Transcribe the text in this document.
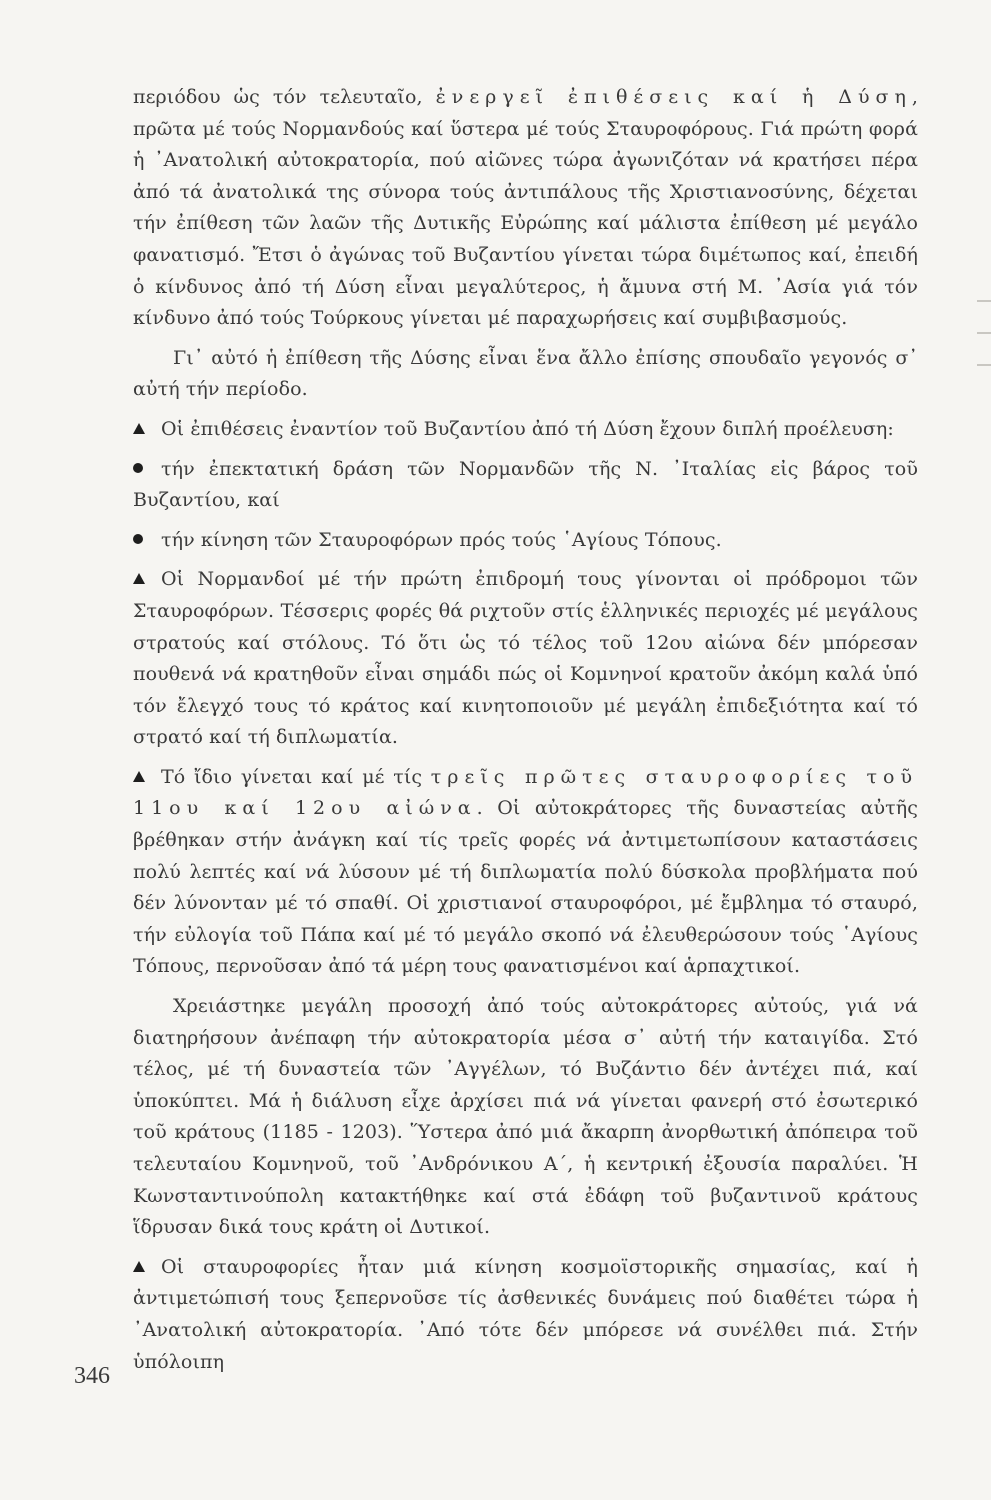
περιόδου ὡς τόν τελευταῖο, ἐνεργεῖ ἐπιθέσεις καί ἡ Δύση, πρῶτα μέ τούς Νορμανδούς καί ὕστερα μέ τούς Σταυροφόρους. Γιά πρώτη φορά ἡ ᾿Ανατολική αὐτοκρατορία, πού αἰῶνες τώρα ἀγωνιζόταν νά κρατήσει πέρα ἀπό τά ἀνατολικά της σύνορα τούς ἀντιπάλους τῆς Χριστιανοσύνης, δέχεται τήν ἐπίθεση τῶν λαῶν τῆς Δυτικῆς Εὐρώπης καί μάλιστα ἐπίθεση μέ μεγάλο φανατισμό. Ἔτσι ὁ ἀγώνας τοῦ Βυζαντίου γίνεται τώρα διμέτωπος καί, ἐπειδή ὁ κίνδυνος ἀπό τή Δύση εἶναι μεγαλύτερος, ἡ ἄμυνα στή Μ. ᾿Ασία γιά τόν κίνδυνο ἀπό τούς Τούρκους γίνεται μέ παραχωρήσεις καί συμβιβασμούς.

Γι᾿ αὐτό ἡ ἐπίθεση τῆς Δύσης εἶναι ἕνα ἄλλο ἐπίσης σπουδαῖο γεγονός σ᾿ αὐτή τήν περίοδο.

Οἱ ἐπιθέσεις ἐναντίον τοῦ Βυζαντίου ἀπό τή Δύση ἔχουν διπλή προέλευση:

τήν ἐπεκτατική δράση τῶν Νορμανδῶν τῆς Ν. ᾿Ιταλίας εἰς βάρος τοῦ Βυζαντίου, καί

τήν κίνηση τῶν Σταυροφόρων πρός τούς ῾Αγίους Τόπους.

Οἱ Νορμανδοί μέ τήν πρώτη ἐπιδρομή τους γίνονται οἱ πρόδρομοι τῶν Σταυροφόρων. Τέσσερις φορές θά ριχτοῦν στίς ἑλληνικές περιοχές μέ μεγάλους στρατούς καί στόλους. Τό ὅτι ὡς τό τέλος τοῦ 12ου αἰώνα δέν μπόρεσαν πουθενά νά κρατηθοῦν εἶναι σημάδι πώς οἱ Κομνηνοί κρατοῦν ἀκόμη καλά ὑπό τόν ἔλεγχό τους τό κράτος καί κινητοποιοῦν μέ μεγάλη ἐπιδεξιότητα καί τό στρατό καί τή διπλωματία.

Τό ἴδιο γίνεται καί μέ τίς τρεῖς πρῶτες σταυροφορίες τοῦ 11ου καί 12ου αἰώνα. Οἱ αὐτοκράτορες τῆς δυναστείας αὐτῆς βρέθηκαν στήν ἀνάγκη καί τίς τρεῖς φορές νά ἀντιμετωπίσουν καταστάσεις πολύ λεπτές καί νά λύσουν μέ τή διπλωματία πολύ δύσκολα προβλήματα πού δέν λύνονταν μέ τό σπαθί. Οἱ χριστιανοί σταυροφόροι, μέ ἔμβλημα τό σταυρό, τήν εὐλογία τοῦ Πάπα καί μέ τό μεγάλο σκοπό νά ἐλευθερώσουν τούς ῾Αγίους Τόπους, περνοῦσαν ἀπό τά μέρη τους φανατισμένοι καί ἁρπαχτικοί.

Χρειάστηκε μεγάλη προσοχή ἀπό τούς αὐτοκράτορες αὐτούς, γιά νά διατηρήσουν ἀνέπαφη τήν αὐτοκρατορία μέσα σ᾿ αὐτή τήν καταιγίδα. Στό τέλος, μέ τή δυναστεία τῶν ᾿Αγγέλων, τό Βυζάντιο δέν ἀντέχει πιά, καί ὑποκύπτει. Μά ἡ διάλυση εἶχε ἀρχίσει πιά νά γίνεται φανερή στό ἐσωτερικό τοῦ κράτους (1185 - 1203). Ὕστερα ἀπό μιά ἄκαρπη ἀνορθωτική ἀπόπειρα τοῦ τελευταίου Κομνηνοῦ, τοῦ ᾿Ανδρόνικου Α΄, ἡ κεντρική ἐξουσία παραλύει. Ἡ Κωνσταντινούπολη κατακτήθηκε καί στά ἐδάφη τοῦ βυζαντινοῦ κράτους ἵδρυσαν δικά τους κράτη οἱ Δυτικοί.

Οἱ σταυροφορίες ἦταν μιά κίνηση κοσμοϊστορικῆς σημασίας, καί ἡ ἀντιμετώπισή τους ξεπερνοῦσε τίς ἀσθενικές δυνάμεις πού διαθέτει τώρα ἡ ᾿Ανατολική αὐτοκρατορία. ᾿Από τότε δέν μπόρεσε νά συνέλθει πιά. Στήν ὑπόλοιπη

346
